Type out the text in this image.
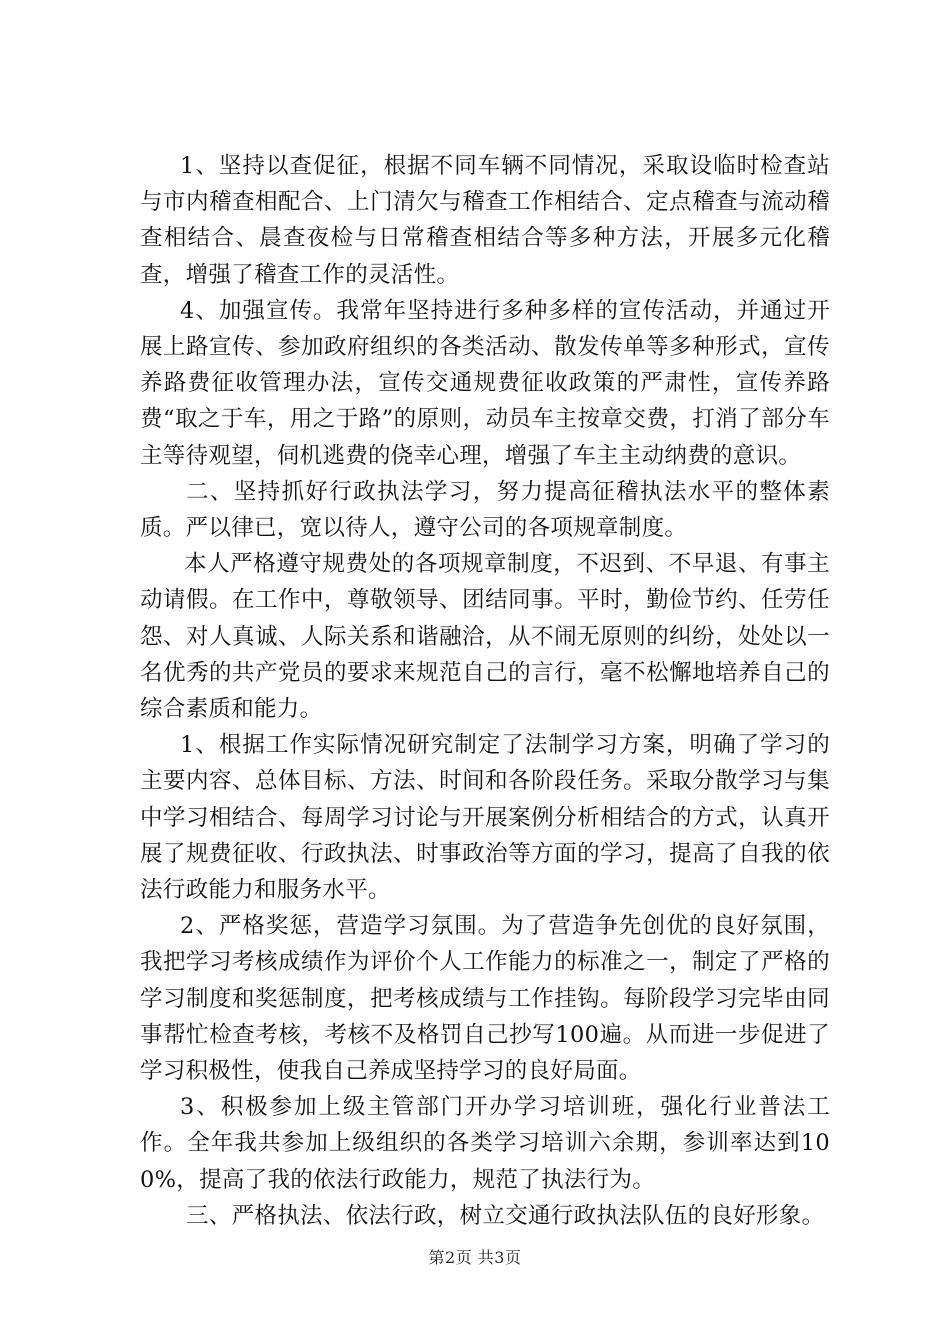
1、坚持以查促征，根据不同车辆不同情况，采取设临时检查站与市内稽查相配合、上门清欠与稽查工作相结合、定点稽查与流动稽查相结合、晨查夜检与日常稽查相结合等多种方法，开展多元化稽查，增强了稽查工作的灵活性。

4、加强宣传。我常年坚持进行多种多样的宣传活动，并通过开展上路宣传、参加政府组织的各类活动、散发传单等多种形式，宣传养路费征收管理办法，宣传交通规费征收政策的严肃性，宣传养路费“取之于车，用之于路”的原则，动员车主按章交费，打消了部分车主等待观望，伺机逃费的侥幸心理，增强了车主主动纳费的意识。

二、坚持抓好行政执法学习，努力提高征稽执法水平的整体素质。严以律已，宽以待人，遵守公司的各项规章制度。

本人严格遵守规费处的各项规章制度，不迟到、不早退、有事主动请假。在工作中，尊敬领导、团结同事。平时，勤俭节约、任劳任怨、对人真诚、人际关系和谐融洽，从不闹无原则的纠纷，处处以一名优秀的共产党员的要求来规范自己的言行，毫不松懈地培养自己的综合素质和能力。

1、根据工作实际情况研究制定了法制学习方案，明确了学习的主要内容、总体目标、方法、时间和各阶段任务。采取分散学习与集中学习相结合、每周学习讨论与开展案例分析相结合的方式，认真开展了规费征收、行政执法、时事政治等方面的学习，提高了自我的依法行政能力和服务水平。

2、严格奖惩，营造学习氛围。为了营造争先创优的良好氛围，我把学习考核成绩作为评价个人工作能力的标准之一，制定了严格的学习制度和奖惩制度，把考核成绩与工作挂钩。每阶段学习完毕由同事帮忙检查考核，考核不及格罚自己抄写100遍。从而进一步促进了学习积极性，使我自己养成坚持学习的良好局面。

3、积极参加上级主管部门开办学习培训班，强化行业普法工作。全年我共参加上级组织的各类学习培训六余期，参训率达到100%，提高了我的依法行政能力，规范了执法行为。

三、严格执法、依法行政，树立交通行政执法队伍的良好形象。

第2页 共3页
